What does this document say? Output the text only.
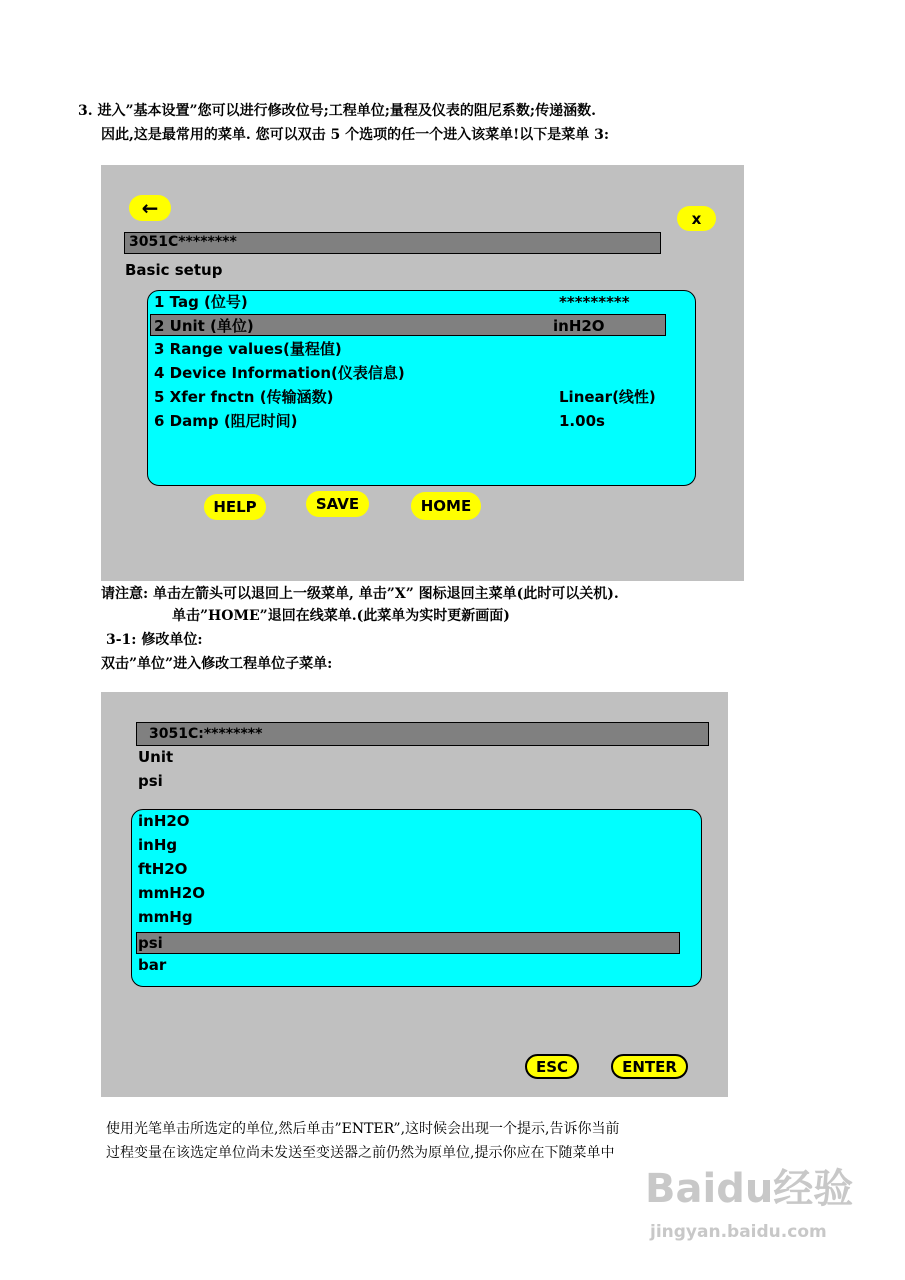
3. 进入”基本设置”您可以进行修改位号;工程单位;量程及仪表的阻尼系数;传递涵数.
因此,这是最常用的菜单. 您可以双击 5 个选项的任一个进入该菜单!以下是菜单 3:
←	x
3051C********
Basic setup
1 Tag (位号)	*********
2 Unit (单位)	inH2O
3 Range values(量程值)
4 Device Information(仪表信息)
5 Xfer fnctn (传输涵数)	Linear(线性)
6 Damp (阻尼时间)	1.00s
HELP	SAVE	HOME
请注意: 单击左箭头可以退回上一级菜单, 单击”X” 图标退回主菜单(此时可以关机).
单击”HOME”退回在线菜单.(此菜单为实时更新画面)
3-1: 修改单位:
双击”单位”进入修改工程单位子菜单:
3051C:********
Unit
psi
inH2O
inHg
ftH2O
mmH2O
mmHg
psi
bar
ESC	ENTER
使用光笔单击所选定的单位,然后单击”ENTER”,这时候会出现一个提示,告诉你当前
过程变量在该选定单位尚未发送至变送器之前仍然为原单位,提示你应在下随菜单中
Baidu经验
jingyan.baidu.com
